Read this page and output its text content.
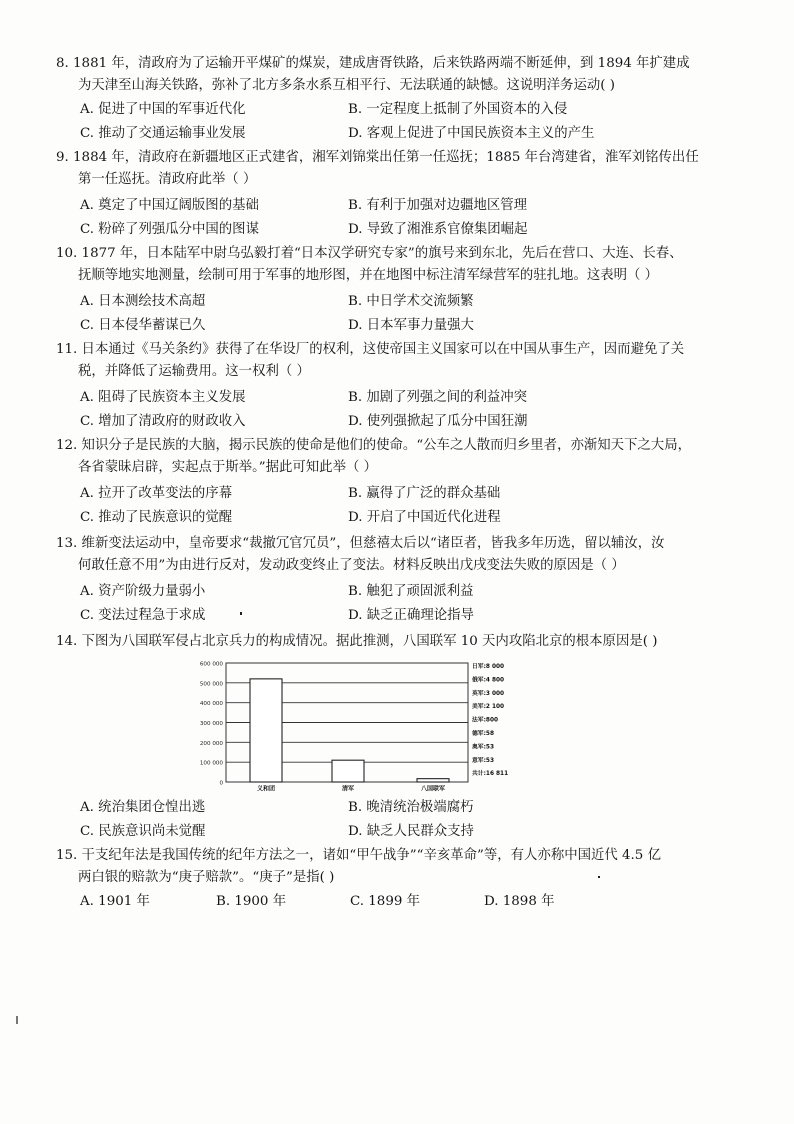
8. 1881 年，清政府为了运输开平煤矿的煤炭，建成唐胥铁路，后来铁路两端不断延伸，到 1894 年扩建成
为天津至山海关铁路，弥补了北方多条水系互相平行、无法联通的缺憾。这说明洋务运动( )
A. 促进了中国的军事近代化	B. 一定程度上抵制了外国资本的入侵
C. 推动了交通运输事业发展	D. 客观上促进了中国民族资本主义的产生
9. 1884 年，清政府在新疆地区正式建省，湘军刘锦棠出任第一任巡抚；1885 年台湾建省，淮军刘铭传出任
第一任巡抚。清政府此举（ ）
A. 奠定了中国辽阔版图的基础	B. 有利于加强对边疆地区管理
C. 粉碎了列强瓜分中国的图谋	D. 导致了湘淮系官僚集团崛起
10. 1877 年，日本陆军中尉乌弘毅打着“日本汉学研究专家”的旗号来到东北，先后在营口、大连、长春、
抚顺等地实地测量，绘制可用于军事的地形图，并在地图中标注清军绿营军的驻扎地。这表明（ ）
A. 日本测绘技术高超	B. 中日学术交流频繁
C. 日本侵华蓄谋已久	D. 日本军事力量强大
11. 日本通过《马关条约》获得了在华设厂的权利，这使帝国主义国家可以在中国从事生产，因而避免了关
税，并降低了运输费用。这一权利（ ）
A. 阻碍了民族资本主义发展	B. 加剧了列强之间的利益冲突
C. 增加了清政府的财政收入	D. 使列强掀起了瓜分中国狂潮
12. 知识分子是民族的大脑，揭示民族的使命是他们的使命。“公车之人散而归乡里者，亦渐知天下之大局，
各省蒙昧启辟，实起点于斯举。”据此可知此举（ ）
A. 拉开了改革变法的序幕	B. 赢得了广泛的群众基础
C. 推动了民族意识的觉醒	D. 开启了中国近代化进程
13. 维新变法运动中，皇帝要求“裁撤冗官冗员”，但慈禧太后以“诸臣者，皆我多年历选，留以辅汝，汝
何敢任意不用”为由进行反对，发动政变终止了变法。材料反映出戊戌变法失败的原因是（ ）
A. 资产阶级力量弱小	B. 触犯了顽固派利益
C. 变法过程急于求成	D. 缺乏正确理论指导
14. 下图为八国联军侵占北京兵力的构成情况。据此推测，八国联军 10 天内攻陷北京的根本原因是( )
600 000
500 000
400 000
300 000
200 000
100 000
0
义和团	清军	八国联军
日军:8 000
俄军:4 800
英军:3 000
美军:2 100
法军:800
德军:58
奥军:53
意军:53
共计:16 811
A. 统治集团仓惶出逃	B. 晚清统治极端腐朽
C. 民族意识尚未觉醒	D. 缺乏人民群众支持
15. 干支纪年法是我国传统的纪年方法之一，诸如“甲午战争”“辛亥革命”等，有人亦称中国近代 4.5 亿
两白银的赔款为“庚子赔款”。“庚子”是指( )
A. 1901 年	B. 1900 年	C. 1899 年	D. 1898 年
